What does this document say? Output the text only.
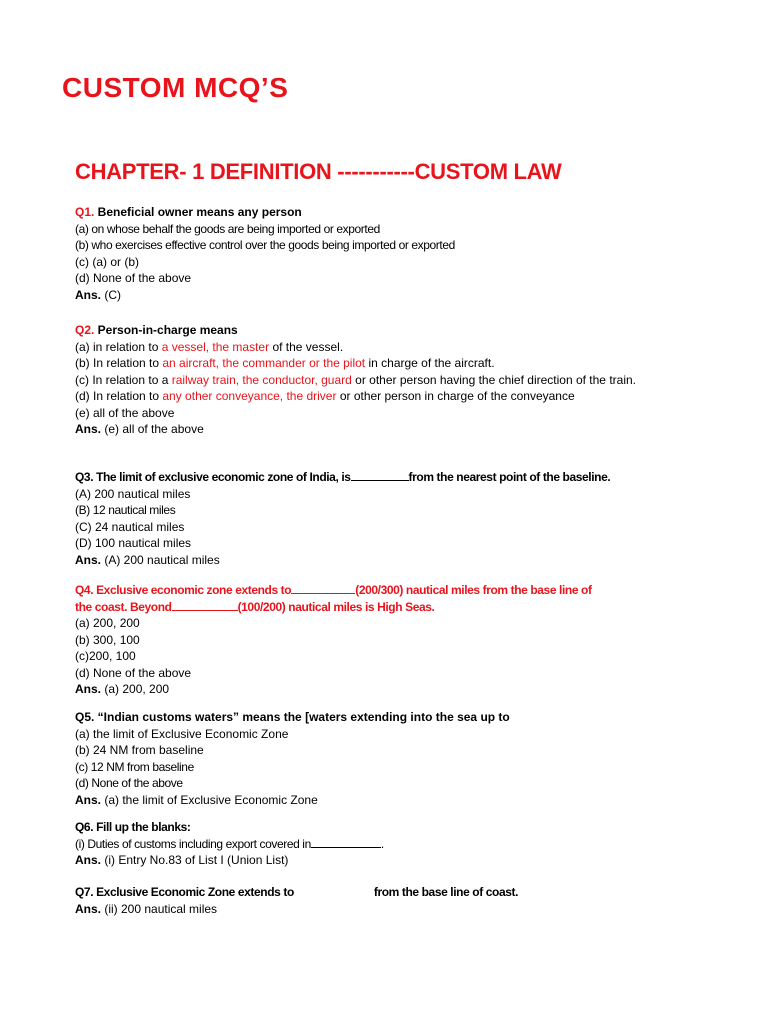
CUSTOM MCQ’S
CHAPTER- 1 DEFINITION -----------CUSTOM LAW

Q1. Beneficial owner means any person

(a) on whose behalf the goods are being imported or exported

(b) who exercises effective control over the goods being imported or exported

(c) (a) or (b)

(d) None of the above

Ans. (C)

Q2. Person-in-charge means

(a) in relation to a vessel, the master of the vessel.

(b) In relation to an aircraft, the commander or the pilot in charge of the aircraft.

(c) In relation to a railway train, the conductor, guard or other person having the chief direction of the train.

(d) In relation to any other conveyance, the driver or other person in charge of the conveyance

(e) all of the above

Ans. (e) all of the above

Q3. The limit of exclusive economic zone of India, is	from the nearest point of the baseline.

(A) 200 nautical miles

(B) 12 nautical miles

(C) 24 nautical miles

(D) 100 nautical miles

Ans. (A) 200 nautical miles

Q4. Exclusive economic zone extends to	(200/300) nautical miles from the base line of

the coast. Beyond	(100/200) nautical miles is High Seas.

(a) 200, 200

(b) 300, 100

(c)200, 100

(d) None of the above

Ans. (a) 200, 200

Q5. “Indian customs waters” means the [waters extending into the sea up to

(a) the limit of Exclusive Economic Zone

(b) 24 NM from baseline

(c) 12 NM from baseline

(d) None of the above

Ans. (a) the limit of Exclusive Economic Zone

Q6. Fill up the blanks:

(i) Duties of customs including export covered in	.

Ans. (i) Entry No.83 of List I (Union List)

Q7. Exclusive Economic Zone extends to	from the base line of coast.

Ans. (ii) 200 nautical miles
